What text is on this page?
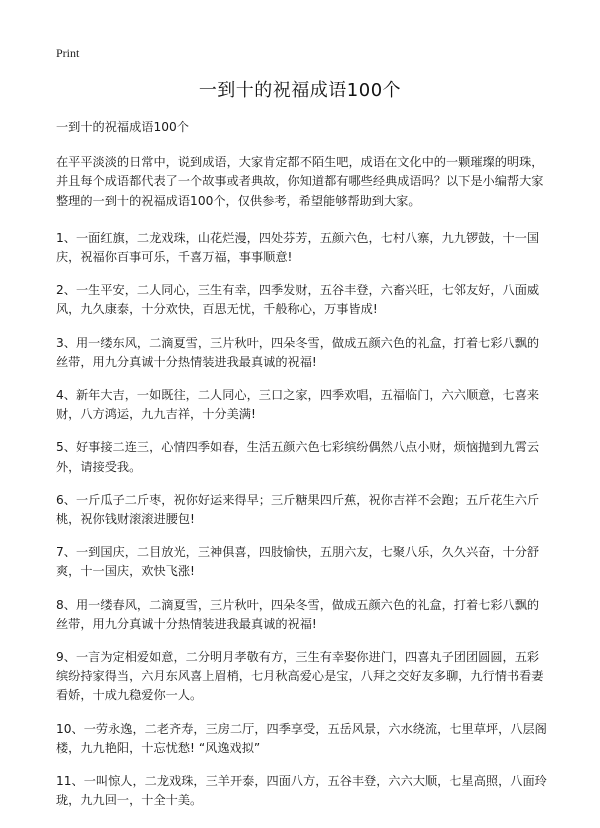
Print
一到十的祝福成语100个

一到十的祝福成语100个

在平平淡淡的日常中，说到成语，大家肯定都不陌生吧，成语在文化中的一颗璀璨的明珠，并且每个成语都代表了一个故事或者典故，你知道都有哪些经典成语吗？以下是小编帮大家整理的一到十的祝福成语100个，仅供参考，希望能够帮助到大家。

1、一面红旗，二龙戏珠，山花烂漫，四处芬芳，五颜六色，七村八寨，九九锣鼓，十一国庆，祝福你百事可乐，千喜万福，事事顺意!

2、一生平安，二人同心，三生有幸，四季发财，五谷丰登，六畜兴旺，七邻友好，八面威风，九久康泰，十分欢快，百思无忧，千般称心，万事皆成!

3、用一缕东风，二滴夏雪，三片秋叶，四朵冬雪，做成五颜六色的礼盒，打着七彩八飘的丝带，用九分真诚十分热情装进我最真诚的祝福!

4、新年大吉，一如既往，二人同心，三口之家，四季欢唱，五福临门，六六顺意，七喜来财，八方鸿运，九九吉祥，十分美满!

5、好事接二连三，心情四季如春，生活五颜六色七彩缤纷偶然八点小财，烦恼抛到九霄云外，请接受我。

6、一斤瓜子二斤枣，祝你好运来得早；三斤糖果四斤蕉，祝你吉祥不会跑；五斤花生六斤桃，祝你钱财滚滚进腰包!

7、一到国庆，二目放光，三神俱喜，四肢愉快，五朋六友，七聚八乐，久久兴奋，十分舒爽，十一国庆，欢快飞涨!

8、用一缕春风，二滴夏雪，三片秋叶，四朵冬雪，做成五颜六色的礼盒，打着七彩八飘的丝带，用九分真诚十分热情装进我最真诚的祝福!

9、一言为定相爱如意，二分明月孝敬有方，三生有幸娶你进门，四喜丸子团团圆圆，五彩缤纷持家得当，六月东风喜上眉梢，七月秋高爱心是宝，八拜之交好友多聊，九行情书看妻看娇，十成九稳爱你一人。

10、一劳永逸，二老齐寿，三房二厅，四季享受，五岳风景，六水绕流，七里草坪，八层阁楼，九九艳阳，十忘忧愁! “风逸戏拟”

11、一叫惊人，二龙戏珠，三羊开泰，四面八方，五谷丰登，六六大顺，七星高照，八面玲珑，九九回一，十全十美。
